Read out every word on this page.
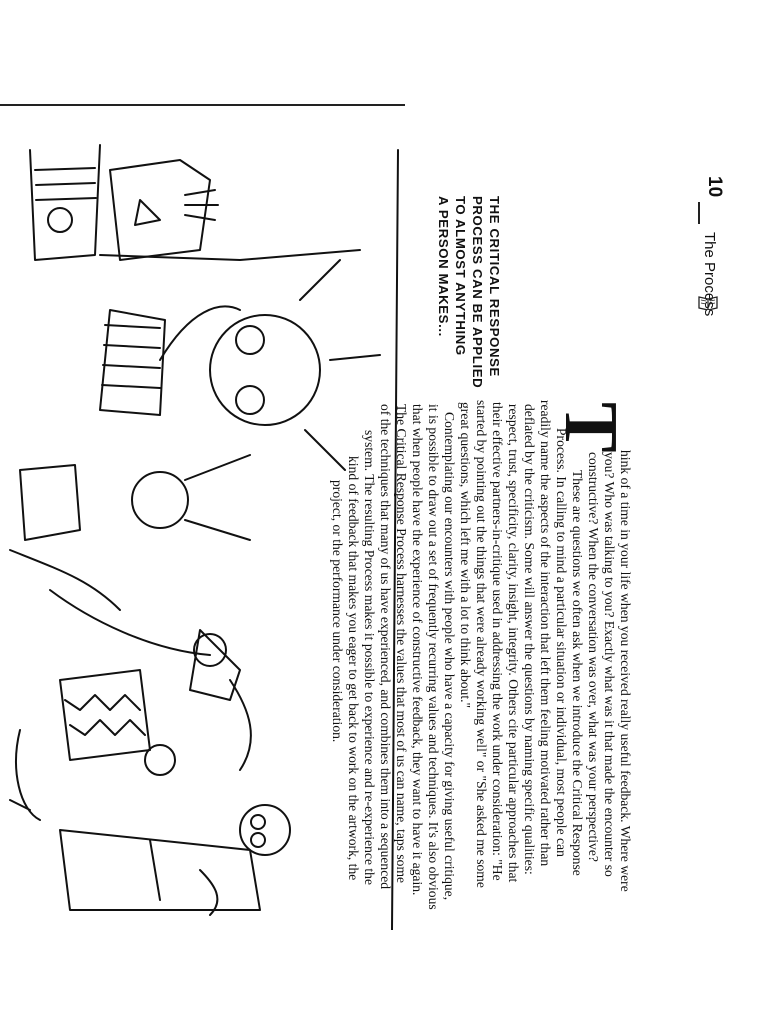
10
The Process
THE CRITICAL RESPONSE
PROCESS CAN BE APPLIED
TO ALMOST ANYTHING
A PERSON MAKES...
T
hink of a time in your life when you received really useful feedback. Where were
you? Who was talking to you? Exactly what was it that made the encounter so
constructive? When the conversation was over, what was your perspective?
These are questions we often ask when we introduce the Critical Response
Process. In calling to mind a particular situation or individual, most people can
readily name the aspects of the interaction that left them feeling motivated rather than
deflated by the criticism. Some will answer the questions by naming specific qualities:
respect, trust, specificity, clarity, insight, integrity. Others cite particular approaches that
their effective partners-in-critique used in addressing the work under consideration: "He
started by pointing out the things that were already working well" or "She asked me some
great questions, which left me with a lot to think about."
Contemplating our encounters with people who have a capacity for giving useful critique,
it is possible to draw out a set of frequently recurring values and techniques. It's also obvious
that when people have the experience of constructive feedback, they want to have it again.
The Critical Response Process harnesses the values that most of us can name, taps some
of the techniques that many of us have experienced, and combines them into a sequenced
system. The resulting Process makes it possible to experience and re-experience the
kind of feedback that makes you eager to get back to work on the artwork, the
project, or the performance under consideration.
